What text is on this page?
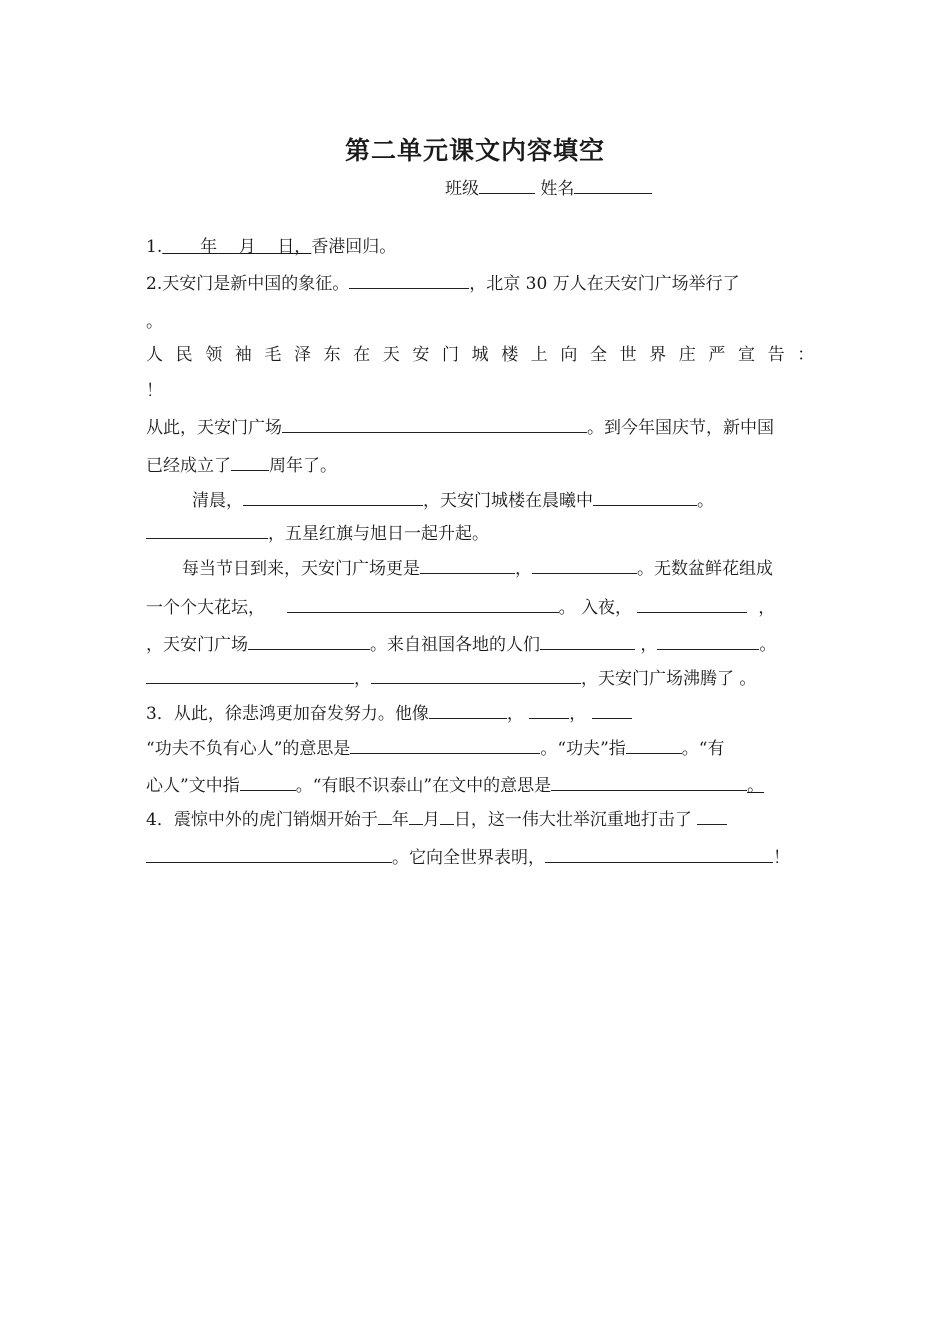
第二单元课文内容填空
班级	姓名
1. 年 月 日，香港回归。
2.天安门是新中国的象征。	，北京 30 万人在天安门广场举行了
。
人民领袖毛泽东在天安门城楼上向全世界庄严宣告：
！
从此，天安门广场	。到今年国庆节，新中国
已经成立了 周年了。
清晨，	，天安门城楼在晨曦中	。
，五星红旗与旭日一起升起。
每当节日到来，天安门广场更是	，	。无数盆鲜花组成
一个个大花坛，	。 入夜，	，
，天安门广场	。来自祖国各地的人们	，	。
，	，天安门广场沸腾了 。
3．从此，徐悲鸿更加奋发努力。他像	，	，
“功夫不负有心人”的意思是	。“功夫”指	。“有
心人”文中指	。“有眼不识泰山”在文中的意思是	。
4．震惊中外的虎门销烟开始于 年 月 日，这一伟大壮举沉重地打击了
。它向全世界表明，	！
